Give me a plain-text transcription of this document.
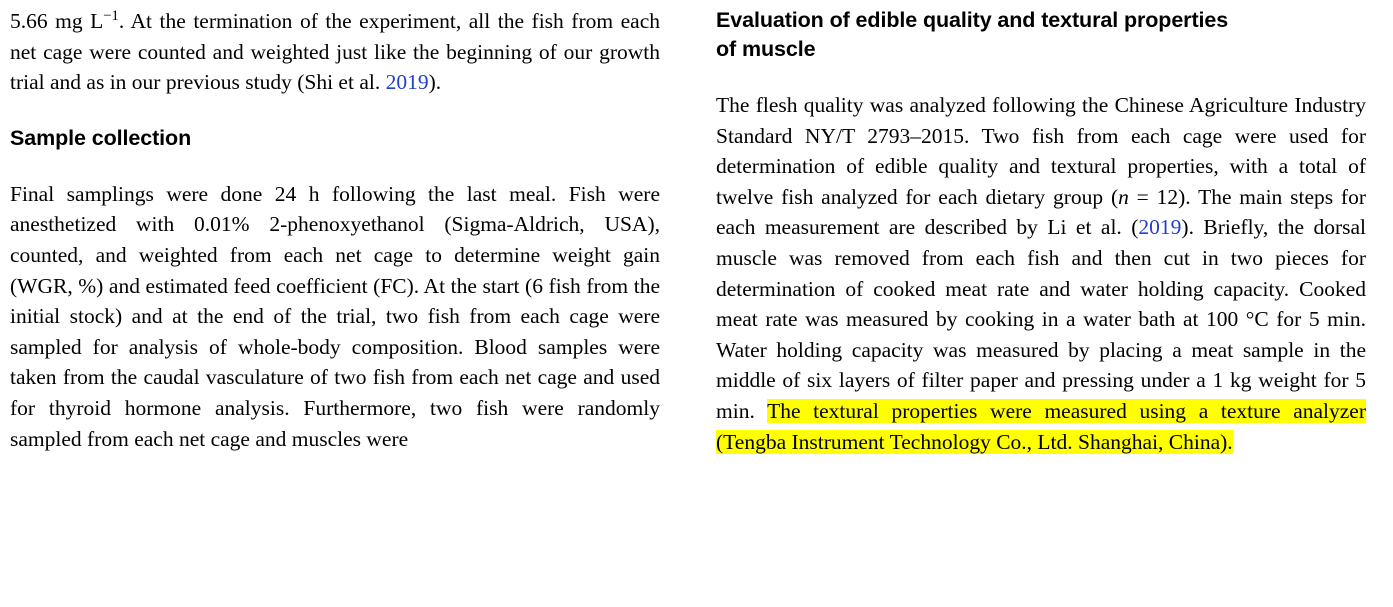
5.66 mg $L^{-1}$. At the termination of the experiment, all the fish from each net cage were counted and weighted just like the beginning of our growth trial and as in our previous study (Shi et al. 2019).

Sample collection

Final samplings were done 24 h following the last meal. Fish were anesthetized with 0.01% 2-phenoxyethanol (Sigma-Aldrich, USA), counted, and weighted from each net cage to determine weight gain (WGR, %) and estimated feed coefficient (FC). At the start (6 fish from the initial stock) and at the end of the trial, two fish from each cage were sampled for analysis of whole-body composition. Blood samples were taken from the caudal vasculature of two fish from each net cage and used for thyroid hormone analysis. Furthermore, two fish were randomly sampled from each net cage and muscles were

Evaluation of edible quality and textural properties
of muscle

The flesh quality was analyzed following the Chinese Agriculture Industry Standard NY/T 2793–2015. Two fish from each cage were used for determination of edible quality and textural properties, with a total of twelve fish analyzed for each dietary group (n = 12). The main steps for each measurement are described by Li et al. (2019). Briefly, the dorsal muscle was removed from each fish and then cut in two pieces for determination of cooked meat rate and water holding capacity. Cooked meat rate was measured by cooking in a water bath at 100 °C for 5 min. Water holding capacity was measured by placing a meat sample in the middle of six layers of filter paper and pressing under a 1 kg weight for 5 min. The textural properties were measured using a texture analyzer (Tengba Instrument Technology Co., Ltd. Shanghai, China).
